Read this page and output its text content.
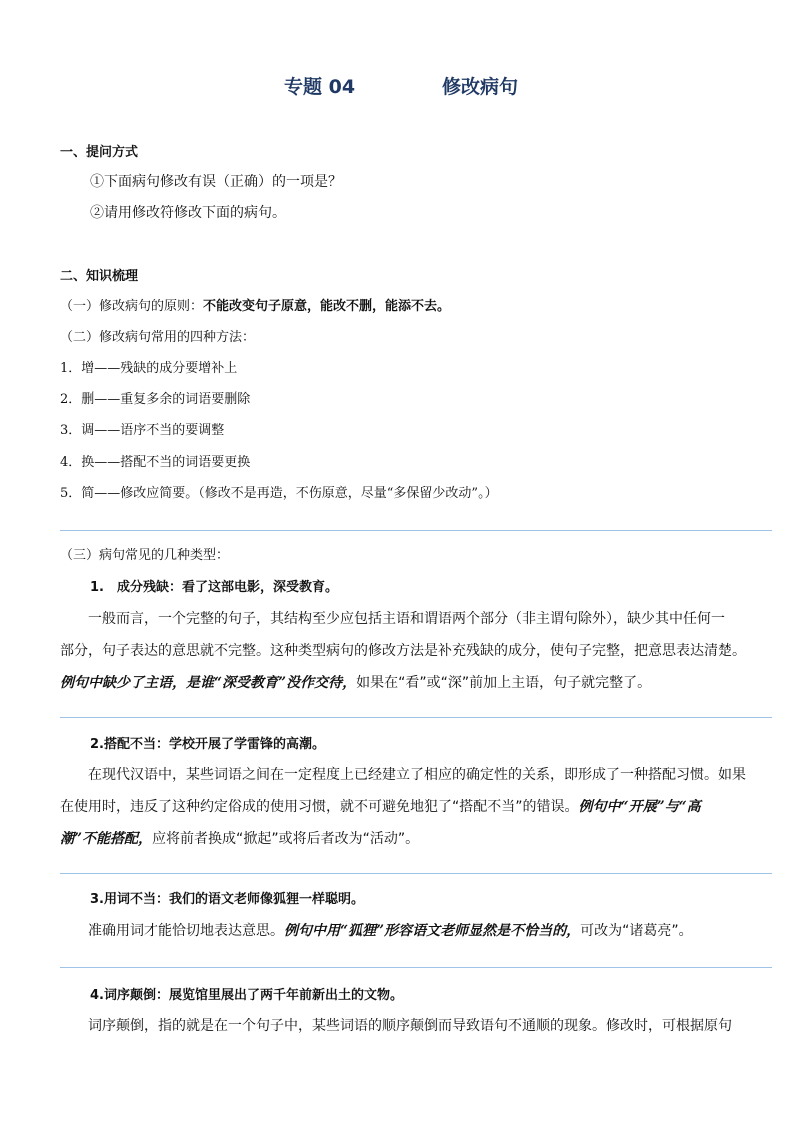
专题 04	修改病句
一、提问方式
①下面病句修改有误（正确）的一项是？
②请用修改符修改下面的病句。
二、知识梳理
（一）修改病句的原则：不能改变句子原意，能改不删，能添不去。
（二）修改病句常用的四种方法：
1．增——残缺的成分要增补上
2．删——重复多余的词语要删除
3．调——语序不当的要调整
4．换——搭配不当的词语要更换
5．简——修改应简要。（修改不是再造，不伤原意，尽量“多保留少改动”。）
（三）病句常见的几种类型：
1.　成分残缺：看了这部电影，深受教育。
一般而言，一个完整的句子，其结构至少应包括主语和谓语两个部分（非主谓句除外），缺少其中任何一
部分，句子表达的意思就不完整。这种类型病句的修改方法是补充残缺的成分，使句子完整，把意思表达清楚。
例句中缺少了主语，是谁“深受教育”没作交待，如果在“看”或“深”前加上主语，句子就完整了。
2.搭配不当：学校开展了学雷锋的高潮。
在现代汉语中，某些词语之间在一定程度上已经建立了相应的确定性的关系，即形成了一种搭配习惯。如果
在使用时，违反了这种约定俗成的使用习惯，就不可避免地犯了“搭配不当”的错误。例句中“开展”与“高
潮”不能搭配，应将前者换成“掀起”或将后者改为“活动”。
3.用词不当：我们的语文老师像狐狸一样聪明。
准确用词才能恰切地表达意思。例句中用“狐狸”形容语文老师显然是不恰当的，可改为“诸葛亮”。
4.词序颠倒：展览馆里展出了两千年前新出土的文物。
词序颠倒，指的就是在一个句子中，某些词语的顺序颠倒而导致语句不通顺的现象。修改时，可根据原句
